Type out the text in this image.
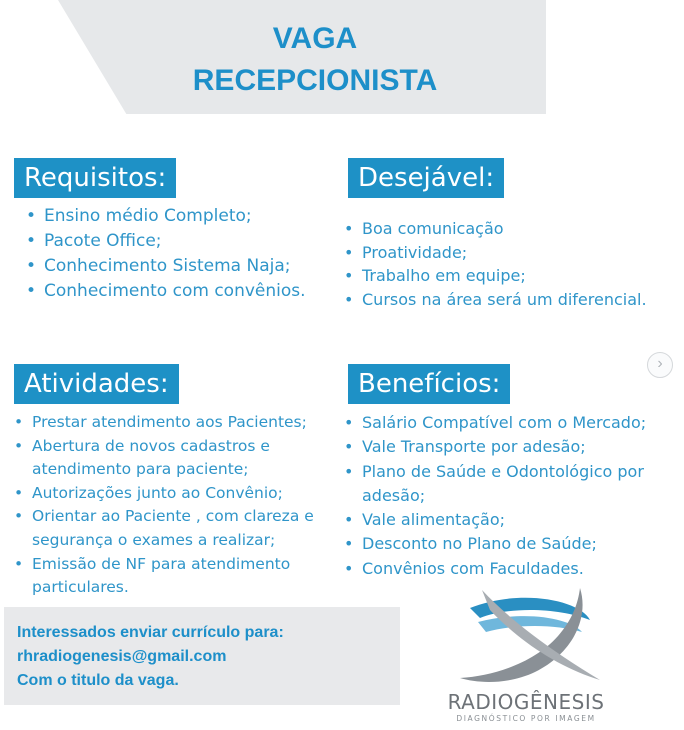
VAGA
RECEPCIONISTA
Requisitos:
• Ensino médio Completo;
• Pacote Office;
• Conhecimento Sistema Naja;
• Conhecimento com convênios.
Desejável:
• Boa comunicação
• Proatividade;
• Trabalho em equipe;
• Cursos na área será um diferencial.
Atividades:
• Prestar atendimento aos Pacientes;
• Abertura de novos cadastros e atendimento para paciente;
• Autorizações junto ao Convênio;
• Orientar ao Paciente , com clareza e segurança o exames a realizar;
• Emissão de NF para atendimento particulares.
Benefícios:
• Salário Compatível com o Mercado;
• Vale Transporte por adesão;
• Plano de Saúde e Odontológico por adesão;
• Vale alimentação;
• Desconto no Plano de Saúde;
• Convênios com Faculdades.
›

Interessados enviar currículo para:

rhradiogenesis@gmail.com

Com o titulo da vaga.

RADIOGÊNESIS
DIAGNÓSTICO POR IMAGEM
